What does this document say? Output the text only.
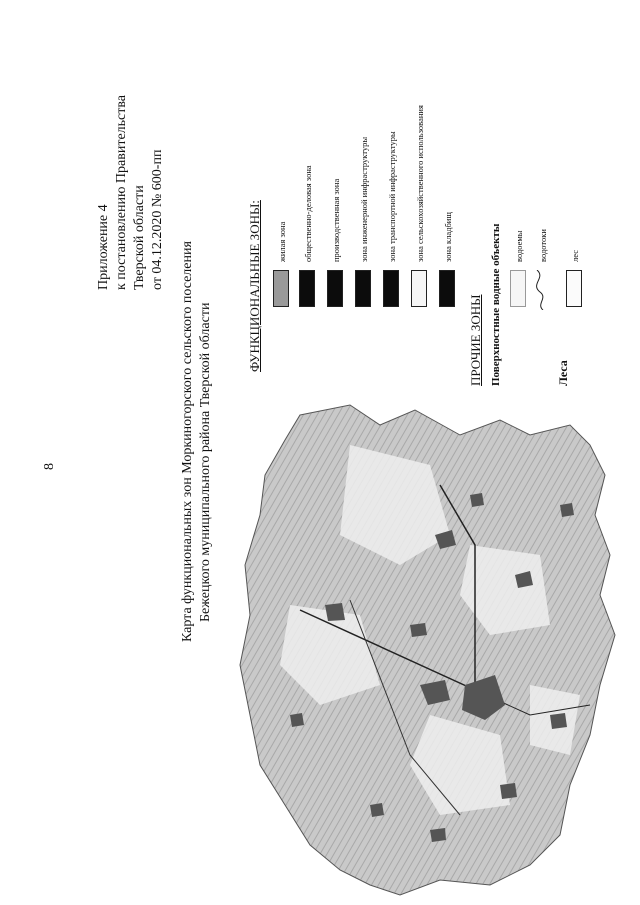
8
Приложение 4 к постановлению Правительства Тверской области от 04.12.2020 № 600-пп
Карта функциональных зон Моркиногорского сельского поселения Бежецкого муниципального района Тверской области
ФУНКЦИОНАЛЬНЫЕ ЗОНЫ: жилая зона общественно-деловая зона производственная зона зона инженерной инфраструктуры зона транспортной инфраструктуры зона сельскохозяйственного использования зона кладбищ
ПРОЧИЕ ЗОНЫ Поверхностные водные объекты водоемы водотоки
Леса
лес
